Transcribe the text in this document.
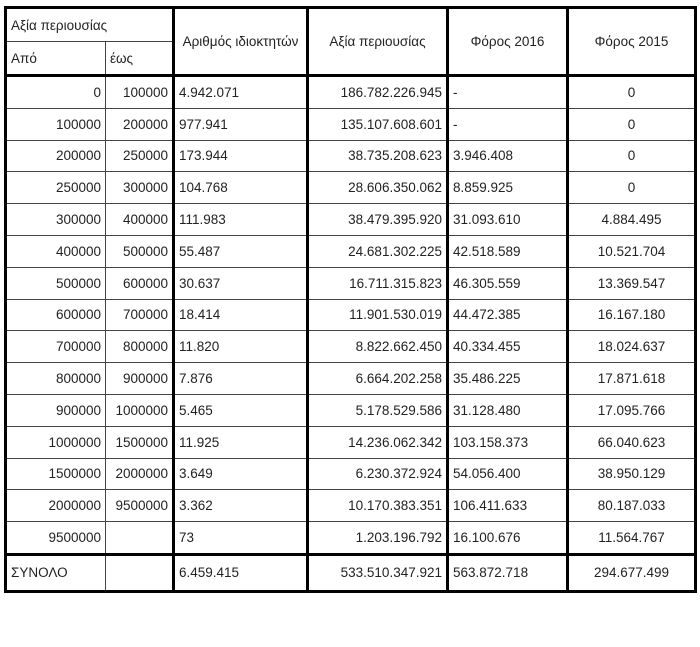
Αξία περιουσίας		Αριθμός ιδιοκτητών	Αξία περιουσίας	Φόρος 2016	Φόρος 2015
Από	έως				
0	100000	4.942.071	186.782.226.945	-	0
100000	200000	977.941	135.107.608.601	-	0
200000	250000	173.944	38.735.208.623	3.946.408	0
250000	300000	104.768	28.606.350.062	8.859.925	0
300000	400000	111.983	38.479.395.920	31.093.610	4.884.495
400000	500000	55.487	24.681.302.225	42.518.589	10.521.704
500000	600000	30.637	16.711.315.823	46.305.559	13.369.547
600000	700000	18.414	11.901.530.019	44.472.385	16.167.180
700000	800000	11.820	8.822.662.450	40.334.455	18.024.637
800000	900000	7.876	6.664.202.258	35.486.225	17.871.618
900000	1000000	5.465	5.178.529.586	31.128.480	17.095.766
1000000	1500000	11.925	14.236.062.342	103.158.373	66.040.623
1500000	2000000	3.649	6.230.372.924	54.056.400	38.950.129
2000000	9500000	3.362	10.170.383.351	106.411.633	80.187.033
9500000		73	1.203.196.792	16.100.676	11.564.767
ΣΥΝΟΛΟ		6.459.415	533.510.347.921	563.872.718	294.677.499
